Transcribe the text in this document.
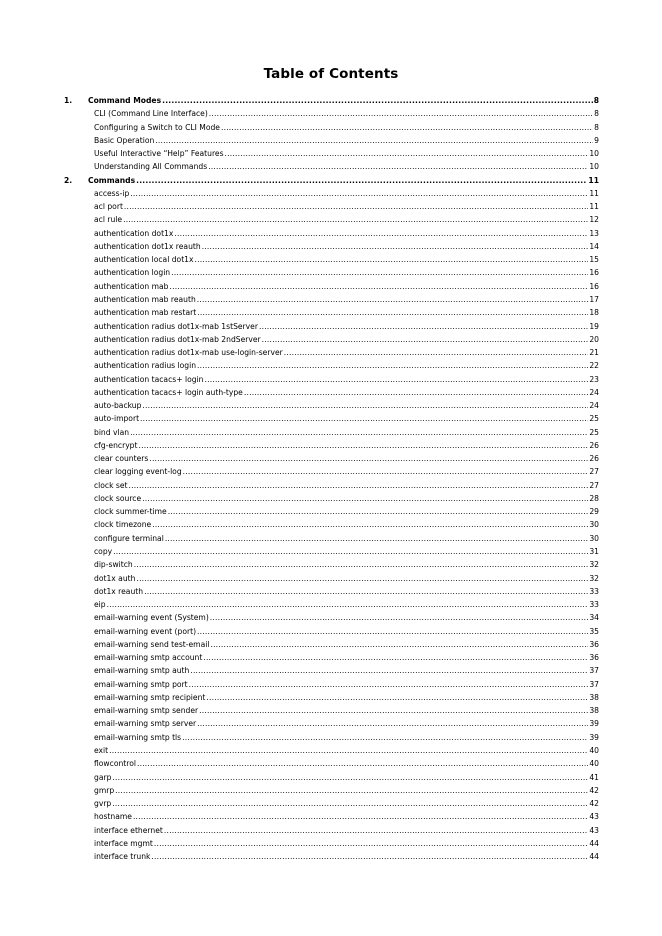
Table of Contents
1. Command Modes .....	8
CLI (Command Line Interface) .....	8
Configuring a Switch to CLI Mode .....	8
Basic Operation .....	9
Useful Interactive “Help” Features .....	10
Understanding All Commands .....	10
2. Commands .....	11
access-ip .....	11
acl port .....	11
acl rule .....	12
authentication dot1x .....	13
authentication dot1x reauth .....	14
authentication local dot1x .....	15
authentication login .....	16
authentication mab .....	16
authentication mab reauth .....	17
authentication mab restart .....	18
authentication radius dot1x-mab 1stServer .....	19
authentication radius dot1x-mab 2ndServer .....	20
authentication radius dot1x-mab use-login-server .....	21
authentication radius login .....	22
authentication tacacs+ login .....	23
authentication tacacs+ login auth-type .....	24
auto-backup .....	24
auto-import .....	25
bind vlan .....	25
cfg-encrypt .....	26
clear counters .....	26
clear logging event-log .....	27
clock set .....	27
clock source .....	28
clock summer-time .....	29
clock timezone .....	30
configure terminal .....	30
copy .....	31
dip-switch .....	32
dot1x auth .....	32
dot1x reauth .....	33
eip .....	33
email-warning event (System) .....	34
email-warning event (port) .....	35
email-warning send test-email .....	36
email-warning smtp account .....	36
email-warning smtp auth .....	37
email-warning smtp port .....	37
email-warning smtp recipient .....	38
email-warning smtp sender .....	38
email-warning smtp server .....	39
email-warning smtp tls .....	39
exit .....	40
flowcontrol .....	40
garp .....	41
gmrp .....	42
gvrp .....	42
hostname .....	43
interface ethernet .....	43
interface mgmt .....	44
interface trunk .....	44
